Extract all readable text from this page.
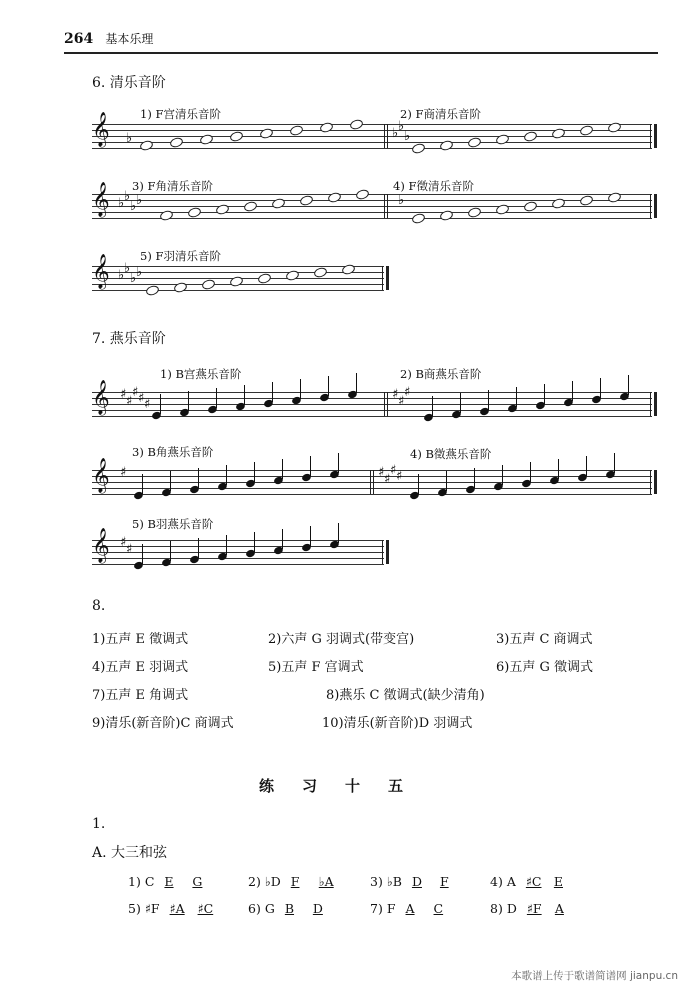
264 基本乐理
6. 清乐音阶
1) F宫清乐音阶	2) F商清乐音阶
3) F角清乐音阶	4) F徵清乐音阶
5) F羽清乐音阶
7. 燕乐音阶
1) B宫燕乐音阶	2) B商燕乐音阶
3) B角燕乐音阶	4) B徵燕乐音阶
5) B羽燕乐音阶
𝄞 ♭	♭ ♭
♭
𝄞 ♭ ♭
♭ ♭	♭
𝄞 ♭ ♭
♭ ♭
𝄞 ♯ ♯
♯ ♯ ♯
♯ ♯
♯
𝄞 ♯	♯ ♯
♯ ♯
𝄞 ♯ ♯
8.
1)五声 E 徵调式	2)六声 G 羽调式(带变宫)	3)五声 C 商调式
4)五声 E 羽调式	5)五声 F 宫调式	6)五声 G 徵调式
7)五声 E 角调式	8)燕乐 C 徵调式(缺少清角)
9)清乐(新音阶)C 商调式	10)清乐(新音阶)D 羽调式
练习十五
1.
A. 大三和弦
1) C E G	2) ♭D F ♭A	3) ♭B D F	4) A ♯C E
5) ♯F ♯A ♯C	6) G B D	7) F A C	8) D ♯F A
本歌谱上传于歌谱简谱网 jianpu.cn
